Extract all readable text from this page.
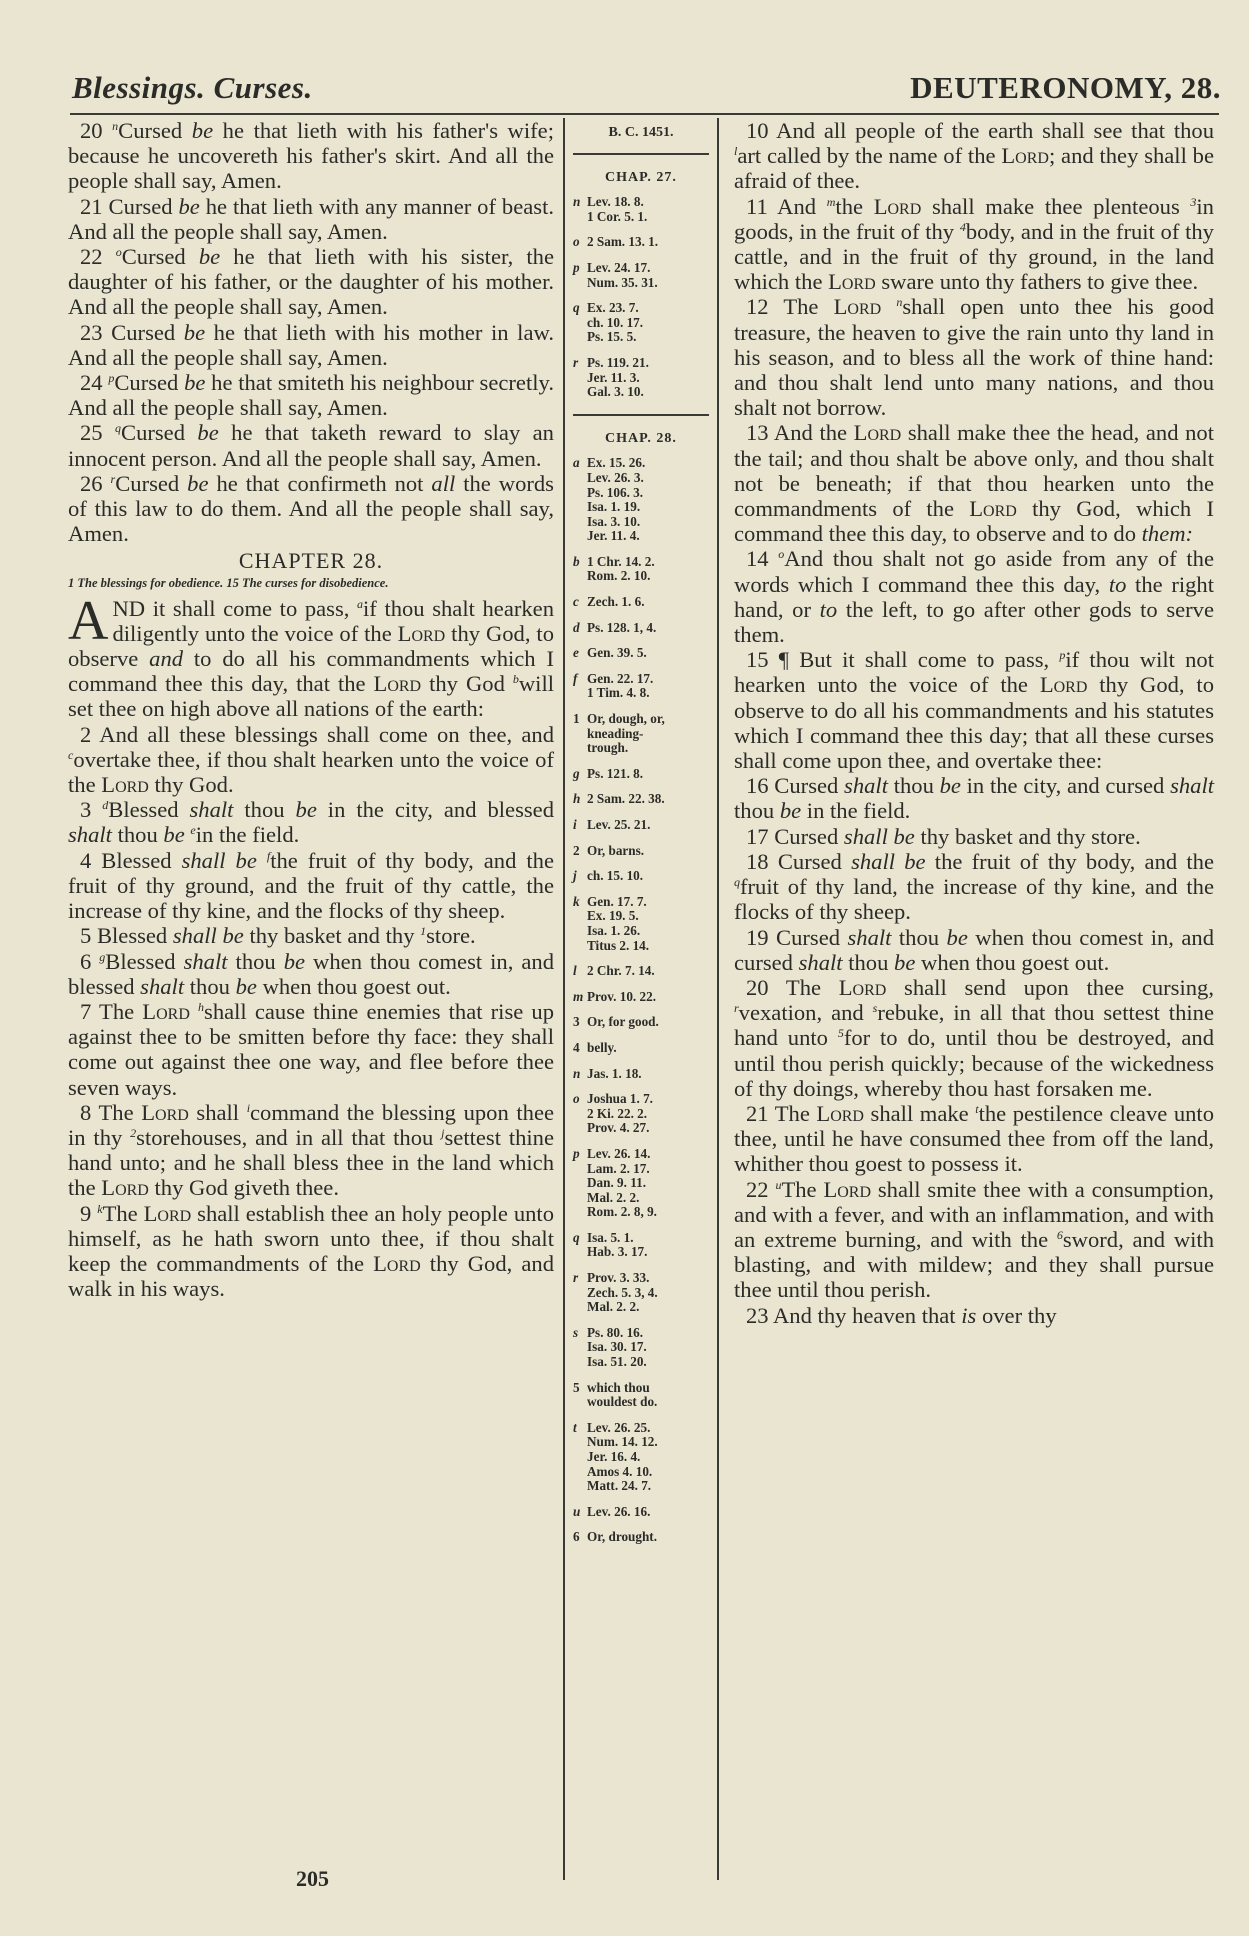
Blessings. Curses.	DEUTERONOMY, 28.

20 $^n$Cursed be he that lieth with his father's wife; because he uncovereth his father's skirt. And all the people shall say, Amen.

21 Cursed be he that lieth with any manner of beast. And all the people shall say, Amen.

22 $^o$Cursed be he that lieth with his sister, the daughter of his father, or the daughter of his mother. And all the people shall say, Amen.

23 Cursed be he that lieth with his mother in law. And all the people shall say, Amen.

24 $^p$Cursed be he that smiteth his neighbour secretly. And all the people shall say, Amen.

25 $^q$Cursed be he that taketh reward to slay an innocent person. And all the people shall say, Amen.

26 $^r$Cursed be he that confirmeth not all the words of this law to do them. And all the people shall say, Amen.

CHAPTER 28.

1 The blessings for obedience. 15 The curses for disobedience.

AND it shall come to pass, $^a$if thou shalt hearken diligently unto the voice of the Lord thy God, to observe and to do all his commandments which I command thee this day, that the Lord thy God $^b$will set thee on high above all nations of the earth:

2 And all these blessings shall come on thee, and $^c$overtake thee, if thou shalt hearken unto the voice of the Lord thy God.

3 $^d$Blessed shalt thou be in the city, and blessed shalt thou be $^e$in the field.

4 Blessed shall be $^f$the fruit of thy body, and the fruit of thy ground, and the fruit of thy cattle, the increase of thy kine, and the flocks of thy sheep.

5 Blessed shall be thy basket and thy $^1$store.

6 $^g$Blessed shalt thou be when thou comest in, and blessed shalt thou be when thou goest out.

7 The Lord $^h$shall cause thine enemies that rise up against thee to be smitten before thy face: they shall come out against thee one way, and flee before thee seven ways.

8 The Lord shall $^i$command the blessing upon thee in thy $^2$storehouses, and in all that thou $^j$settest thine hand unto; and he shall bless thee in the land which the Lord thy God giveth thee.

9 $^k$The Lord shall establish thee an holy people unto himself, as he hath sworn unto thee, if thou shalt keep the commandments of the Lord thy God, and walk in his ways.

B. C. 1451.
CHAP. 27.
n Lev. 18. 8.
1 Cor. 5. 1.
o 2 Sam. 13. 1.
p Lev. 24. 17.
Num. 35. 31.
q Ex. 23. 7.
ch. 10. 17.
Ps. 15. 5.
r Ps. 119. 21.
Jer. 11. 3.
Gal. 3. 10.
CHAP. 28.
a Ex. 15. 26.
Lev. 26. 3.
Ps. 106. 3.
Isa. 1. 19.
Isa. 3. 10.
Jer. 11. 4.
b 1 Chr. 14. 2.
Rom. 2. 10.
c Zech. 1. 6.
d Ps. 128. 1, 4.
e Gen. 39. 5.
f Gen. 22. 17.
1 Tim. 4. 8.
1 Or, dough, or,
kneading-
trough.
g Ps. 121. 8.
h 2 Sam. 22. 38.
i Lev. 25. 21.
2 Or, barns.
j ch. 15. 10.
k Gen. 17. 7.
Ex. 19. 5.
Isa. 1. 26.
Titus 2. 14.
l 2 Chr. 7. 14.
m Prov. 10. 22.
3 Or, for good.
4 belly.
n Jas. 1. 18.
o Joshua 1. 7.
2 Ki. 22. 2.
Prov. 4. 27.
p Lev. 26. 14.
Lam. 2. 17.
Dan. 9. 11.
Mal. 2. 2.
Rom. 2. 8, 9.
q Isa. 5. 1.
Hab. 3. 17.
r Prov. 3. 33.
Zech. 5. 3, 4.
Mal. 2. 2.
s Ps. 80. 16.
Isa. 30. 17.
Isa. 51. 20.
5 which thou
wouldest do.
t Lev. 26. 25.
Num. 14. 12.
Jer. 16. 4.
Amos 4. 10.
Matt. 24. 7.
u Lev. 26. 16.
6 Or, drought.

10 And all people of the earth shall see that thou $^l$art called by the name of the Lord; and they shall be afraid of thee.

11 And $^m$the Lord shall make thee plenteous $^3$in goods, in the fruit of thy $^4$body, and in the fruit of thy cattle, and in the fruit of thy ground, in the land which the Lord sware unto thy fathers to give thee.

12 The Lord $^n$shall open unto thee his good treasure, the heaven to give the rain unto thy land in his season, and to bless all the work of thine hand: and thou shalt lend unto many nations, and thou shalt not borrow.

13 And the Lord shall make thee the head, and not the tail; and thou shalt be above only, and thou shalt not be beneath; if that thou hearken unto the commandments of the Lord thy God, which I command thee this day, to observe and to do them:

14 $^o$And thou shalt not go aside from any of the words which I command thee this day, to the right hand, or to the left, to go after other gods to serve them.

15 ¶ But it shall come to pass, $^p$if thou wilt not hearken unto the voice of the Lord thy God, to observe to do all his commandments and his statutes which I command thee this day; that all these curses shall come upon thee, and overtake thee:

16 Cursed shalt thou be in the city, and cursed shalt thou be in the field.

17 Cursed shall be thy basket and thy store.

18 Cursed shall be the fruit of thy body, and the $^q$fruit of thy land, the increase of thy kine, and the flocks of thy sheep.

19 Cursed shalt thou be when thou comest in, and cursed shalt thou be when thou goest out.

20 The Lord shall send upon thee cursing, $^r$vexation, and $^s$rebuke, in all that thou settest thine hand unto $^5$for to do, until thou be destroyed, and until thou perish quickly; because of the wickedness of thy doings, whereby thou hast forsaken me.

21 The Lord shall make $^t$the pestilence cleave unto thee, until he have consumed thee from off the land, whither thou goest to possess it.

22 $^u$The Lord shall smite thee with a consumption, and with a fever, and with an inflammation, and with an extreme burning, and with the $^6$sword, and with blasting, and with mildew; and they shall pursue thee until thou perish.

23 And thy heaven that is over thy

205
